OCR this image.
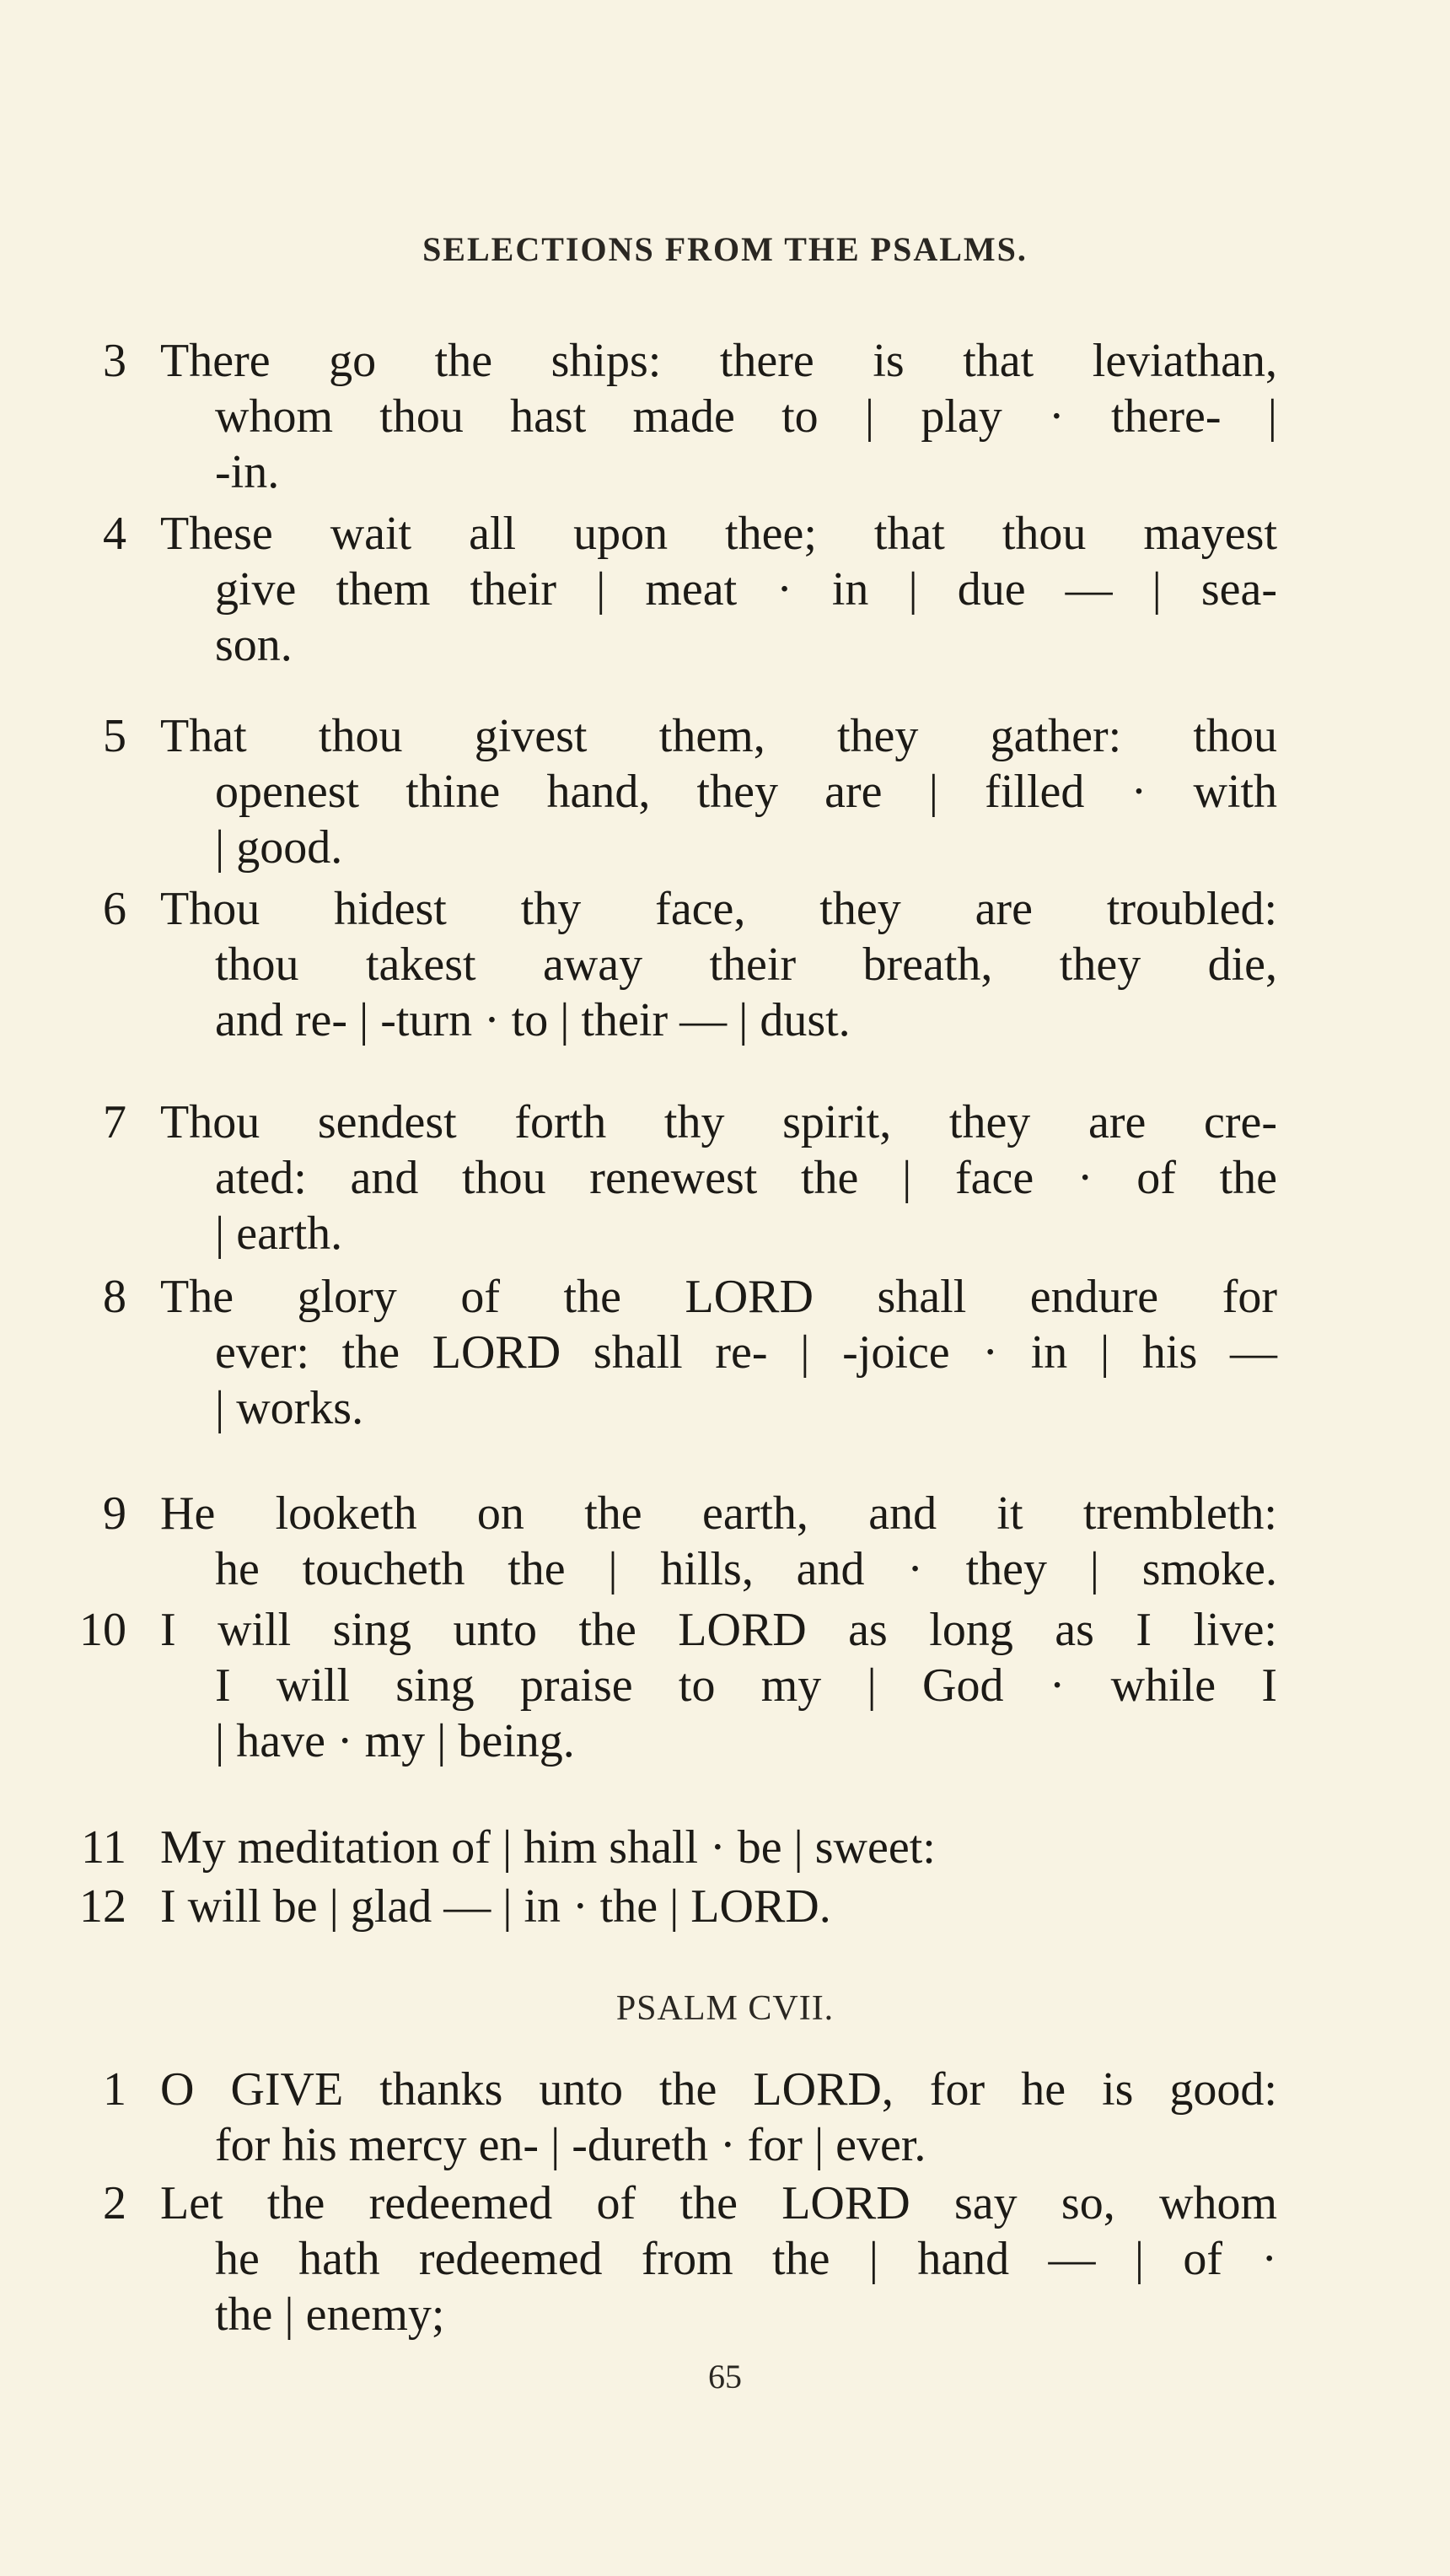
SELECTIONS FROM THE PSALMS.
3 There go the ships: there is that leviathan,
whom thou hast made to | play · there- |
-in.
4 These wait all upon thee; that thou mayest
give them their | meat · in | due — | sea-
son.
5 That thou givest them, they gather: thou
openest thine hand, they are | filled · with
| good.
6 Thou hidest thy face, they are troubled:
thou takest away their breath, they die,
and re- | -turn · to | their — | dust.
7 Thou sendest forth thy spirit, they are cre-
ated: and thou renewest the | face · of the
| earth.
8 The glory of the LORD shall endure for
ever: the LORD shall re- | -joice · in | his —
| works.
9 He looketh on the earth, and it trembleth:
he toucheth the | hills, and · they | smoke.
10 I will sing unto the LORD as long as I live:
I will sing praise to my | God · while I
| have · my | being.
11 My meditation of | him shall · be | sweet:
12 I will be | glad — | in · the | LORD.
PSALM CVII.
1 O GIVE thanks unto the LORD, for he is good:
for his mercy en- | -dureth · for | ever.
2 Let the redeemed of the LORD say so, whom
he hath redeemed from the | hand — | of ·
the | enemy;
65
